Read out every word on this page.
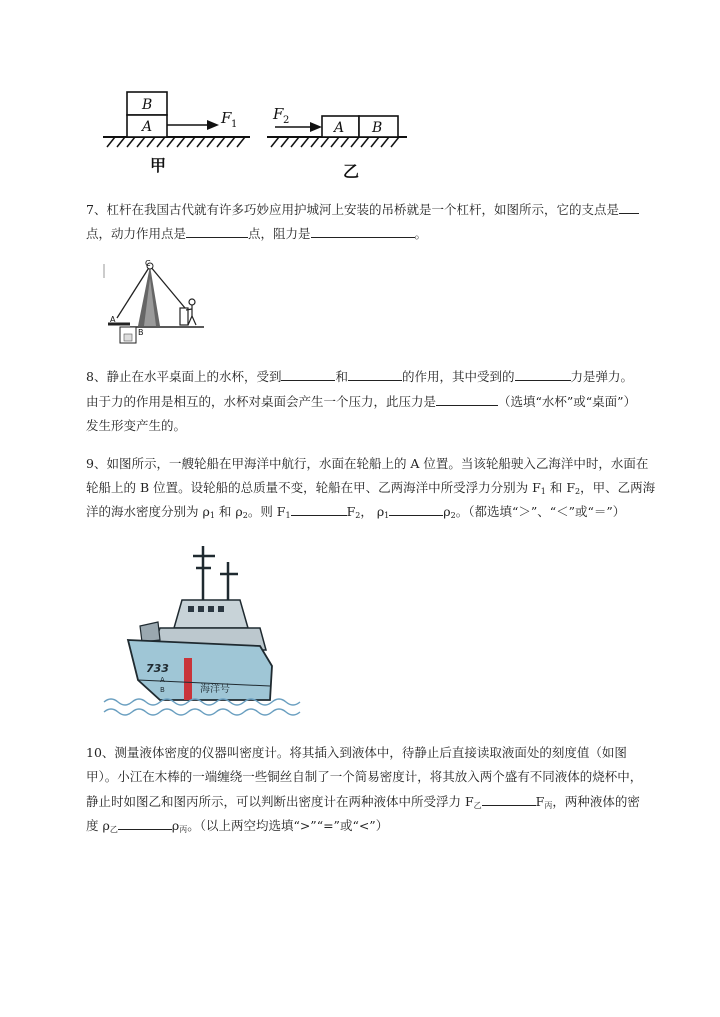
B
A	F 1
甲
A B
F 2
乙

7、杠杆在我国古代就有许多巧妙应用护城河上安装的吊桥就是一个杠杆，如图所示，它的支点是

点，动力作用点是	点，阻力是	。

C
A
B

8、静止在水平桌面上的水杯，受到	和	的作用，其中受到的	力是弹力。

由于力的作用是相互的，水杯对桌面会产生一个压力，此压力是	（选填“水杯”或“桌面”）

发生形变产生的。

9、如图所示，一艘轮船在甲海洋中航行，水面在轮船上的 A 位置。当该轮船驶入乙海洋中时，水面在

轮船上的 B 位置。设轮船的总质量不变，轮船在甲、乙两海洋中所受浮力分别为 $F_1$ 和 $F_2$，甲、乙两海

洋的海水密度分别为 $\rho_1$ 和 $\rho_2$。则 $F_1$	$F_2$， $\rho_1$	$\rho_2$。（都选填“＞”、“＜”或“＝”）

733
海洋号
A
B

10、测量液体密度的仪器叫密度计。将其插入到液体中，待静止后直接读取液面处的刻度值（如图

甲）。小江在木棒的一端缠绕一些铜丝自制了一个简易密度计，将其放入两个盛有不同液体的烧杯中，

静止时如图乙和图丙所示，可以判断出密度计在两种液体中所受浮力 $F_乙$	$F_丙$，两种液体的密

度 $\rho_乙$	$\rho_丙$。（以上两空均选填“>”“=”或“<”）
